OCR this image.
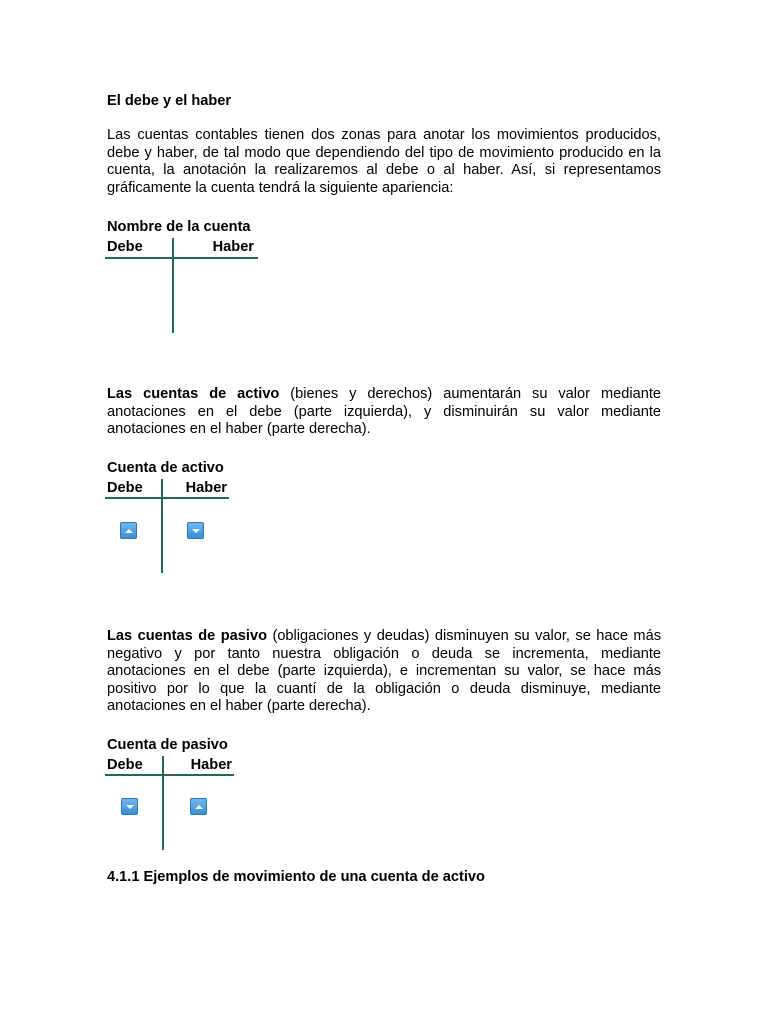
El debe y el haber

Las cuentas contables tienen dos zonas para anotar los movimientos producidos, debe y haber, de tal modo que dependiendo del tipo de movimiento producido en la cuenta, la anotación la realizaremos al debe o al haber. Así, si representamos gráficamente la cuenta tendrá la siguiente apariencia:

Nombre de la cuenta
Debe	Haber

Las cuentas de activo (bienes y derechos) aumentarán su valor mediante anotaciones en el debe (parte izquierda), y disminuirán su valor mediante anotaciones en el haber (parte derecha).

Cuenta de activo
Debe	Haber

Las cuentas de pasivo (obligaciones y deudas) disminuyen su valor, se hace más negativo y por tanto nuestra obligación o deuda se incrementa, mediante anotaciones en el debe (parte izquierda), e incrementan su valor, se hace más positivo por lo que la cuantí de la obligación o deuda disminuye, mediante anotaciones en el haber (parte derecha).

Cuenta de pasivo
Debe	Haber
4.1.1 Ejemplos de movimiento de una cuenta de activo
